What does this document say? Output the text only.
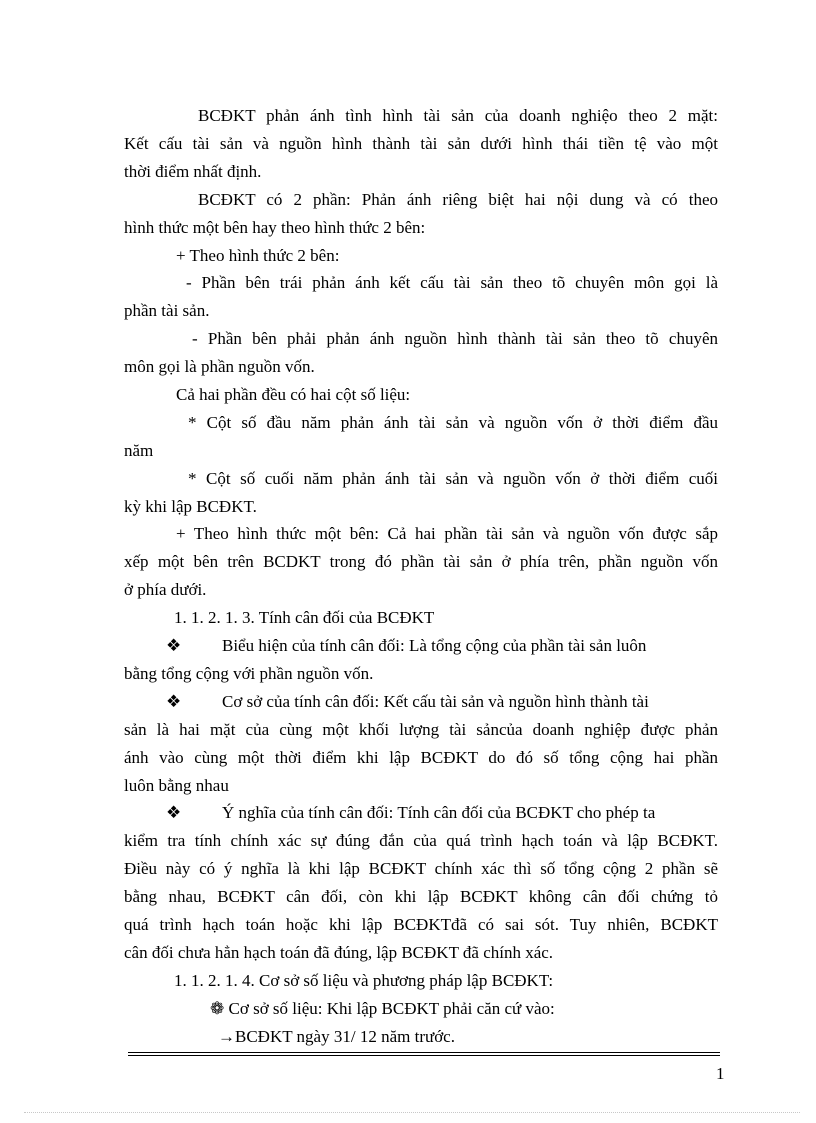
BCĐKT phản ánh tình hình tài sản của doanh nghiệo theo 2 mặt:
Kết cấu tài sản và nguồn hình thành tài sản dưới hình thái tiền tệ vào một
thời điểm nhất định.
BCĐKT có 2 phần: Phản ánh riêng biệt hai nội dung và có theo
hình thức một bên hay theo hình thức 2 bên:
+ Theo hình thức 2 bên:
- Phần bên trái phản ánh kết cấu tài sản theo tõ chuyên môn gọi là
phần tài sản.
- Phần bên phải phản ánh nguồn hình thành tài sản theo tõ chuyên
môn gọi là phần nguồn vốn.
Cả hai phần đều có hai cột số liệu:
* Cột số đầu năm phản ánh tài sản và nguồn vốn ở thời điểm đầu
năm
* Cột số cuối năm phản ánh tài sản và nguồn vốn ở thời điểm cuối
kỳ khi lập BCĐKT.
+ Theo hình thức một bên: Cả hai phần tài sản và nguồn vốn được sắp
xếp một bên trên BCDKT trong đó phần tài sản ở phía trên, phần nguồn vốn
ở phía dưới.
1. 1. 2. 1. 3. Tính cân đối của BCĐKT
❖ Biểu hiện của tính cân đối: Là tổng cộng của phần tài sản luôn
bằng tổng cộng với phần nguồn vốn.
❖ Cơ sở của tính cân đối: Kết cấu tài sản và nguồn hình thành tài
sản là hai mặt của cùng một khối lượng tài sảncủa doanh nghiệp được phản
ánh vào cùng một thời điểm khi lập BCĐKT do đó số tổng cộng hai phần
luôn bằng nhau
❖ Ý nghĩa của tính cân đối: Tính cân đối của BCĐKT cho phép ta
kiểm tra tính chính xác sự đúng đắn của quá trình hạch toán và lập BCĐKT.
Điều này có ý nghĩa là khi lập BCĐKT chính xác thì số tổng cộng 2 phần sẽ
bằng nhau, BCĐKT cân đối, còn khi lập BCĐKT không cân đối chứng tỏ
quá trình hạch toán hoặc khi lập BCĐKTđã có sai sót. Tuy nhiên, BCĐKT
cân đối chưa hẳn hạch toán đã đúng, lập BCĐKT đã chính xác.
1. 1. 2. 1. 4. Cơ sở số liệu và phương pháp lập BCĐKT:
❁ Cơ sở số liệu: Khi lập BCĐKT phải căn cứ vào:
→BCĐKT ngày 31/ 12 năm trước.
1
